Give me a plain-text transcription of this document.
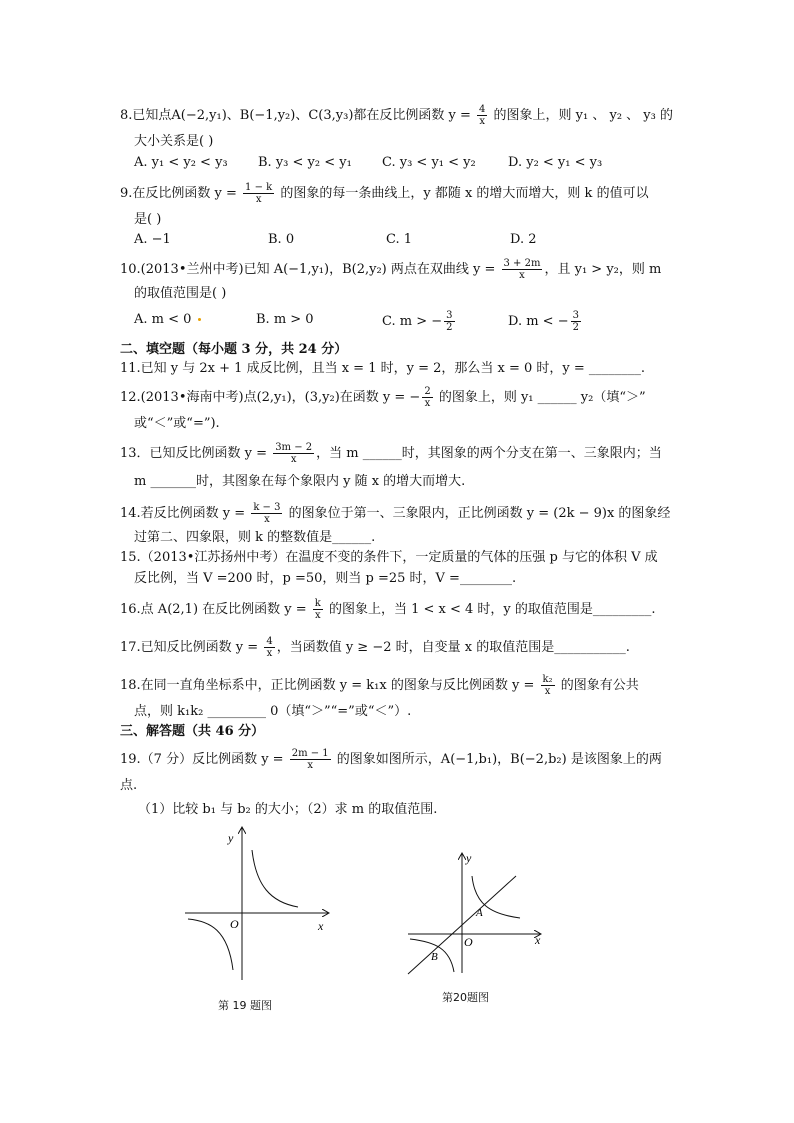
8.已知点A(−2,y₁)、B(−1,y₂)、C(3,y₃)都在反比例函数 $y = \frac{4}{x}$ 的图象上，则 y₁ 、 y₂ 、 y₃ 的
大小关系是( )
A. y₁ < y₂ < y₃ B. y₃ < y₂ < y₁ C. y₃ < y₁ < y₂ D. y₂ < y₁ < y₃
9.在反比例函数 $y = \frac{1 - k}{x}$ 的图象的每一条曲线上，y 都随 x 的增大而增大，则 k 的值可以
是( )
A. −1	B. 0	C. 1	D. 2
10.(2013•兰州中考)已知 A(−1,y₁)，B(2,y₂) 两点在双曲线 $y = \frac{3 + 2m}{x}$ ，且 y₁ > y₂，则 m
的取值范围是( )
A. m < 0	B. m > 0	C. m > − $\frac{3}{2}$	D. m < − $\frac{3}{2}$
二、填空题（每小题 3 分，共 24 分）
11.已知 y 与 2x + 1 成反比例，且当 x = 1 时，y = 2，那么当 x = 0 时，y = ________.
12.(2013•海南中考)点(2,y₁)，(3,y₂)在函数 y = − $\frac{2}{x}$ 的图象上，则 y₁ ______ y₂（填“＞”
或“＜”或“=”).
13．已知反比例函数 $y = \frac{3m - 2}{x}$ ，当 m ______时，其图象的两个分支在第一、三象限内；当
m _______时，其图象在每个象限内 y 随 x 的增大而增大.
14.若反比例函数 $y = \frac{k - 3}{x}$ 的图象位于第一、三象限内，正比例函数 y = (2k − 9)x 的图象经
过第二、四象限，则 k 的整数值是______.
15.（2013•江苏扬州中考）在温度不变的条件下，一定质量的气体的压强 p 与它的体积 V 成
反比例，当 V =200 时，p =50，则当 p =25 时，V =________.
16.点 A(2,1) 在反比例函数 $y = \frac{k}{x}$ 的图象上，当 1 < x < 4 时，y 的取值范围是_________.
17.已知反比例函数 $y = \frac{4}{x}$ ，当函数值 y ≥ −2 时，自变量 x 的取值范围是___________.
18.在同一直角坐标系中，正比例函数 y = k₁x 的图象与反比例函数 $y = \frac{\text{k₂}}{x}$ 的图象有公共
点，则 k₁k₂ _________ 0（填“＞”“=”或“＜”）.
三、解答题（共 46 分）
19.（7 分）反比例函数 $y = \frac{2m - 1}{x}$ 的图象如图所示，A(−1,b₁)，B(−2,b₂) 是该图象上的两
点.
（1）比较 b₁ 与 b₂ 的大小；（2）求 m 的取值范围.
y
O	x
第 19 题图
y
O	x
A
B
第20题图
